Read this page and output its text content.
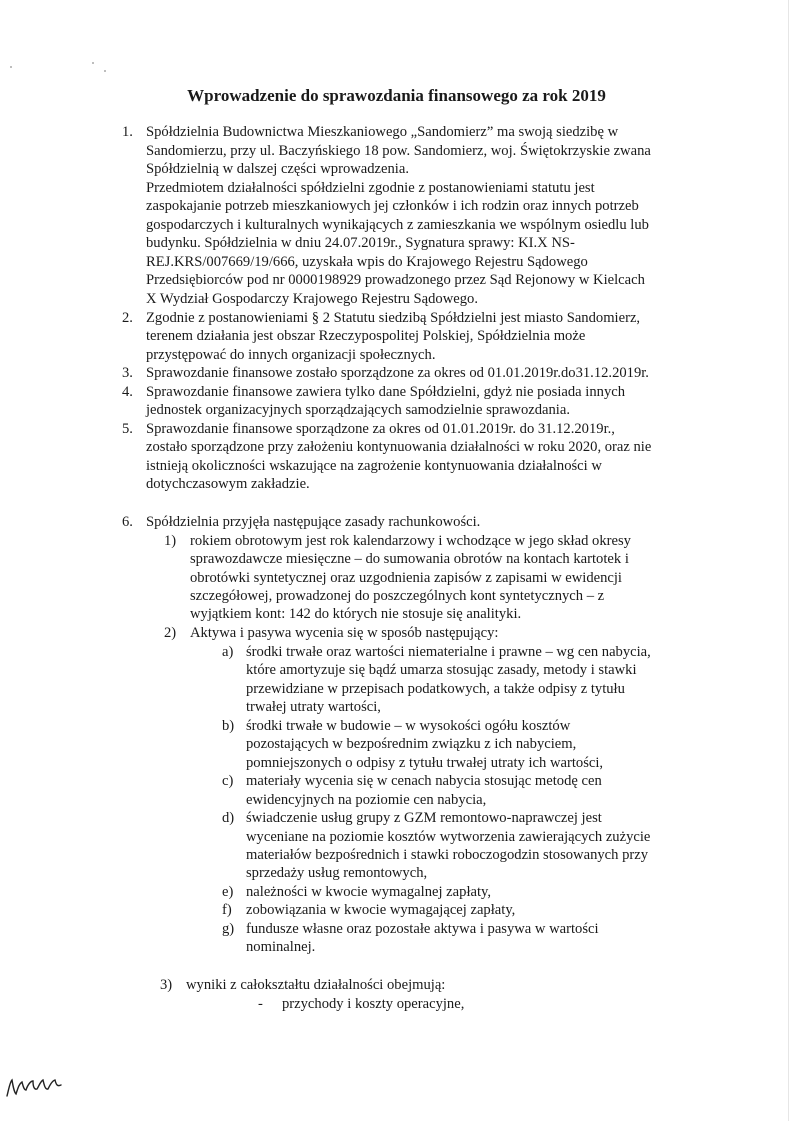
Wprowadzenie do sprawozdania finansowego za rok 2019
1. Spółdzielnia Budownictwa Mieszkaniowego „Sandomierz” ma swoją siedzibę w
Sandomierzu, przy ul. Baczyńskiego 18 pow. Sandomierz, woj. Świętokrzyskie zwana
Spółdzielnią w dalszej części wprowadzenia.
Przedmiotem działalności spółdzielni zgodnie z postanowieniami statutu jest
zaspokajanie potrzeb mieszkaniowych jej członków i ich rodzin oraz innych potrzeb
gospodarczych i kulturalnych wynikających z zamieszkania we wspólnym osiedlu lub
budynku. Spółdzielnia w dniu 24.07.2019r., Sygnatura sprawy: KI.X NS-
REJ.KRS/007669/19/666, uzyskała wpis do Krajowego Rejestru Sądowego
Przedsiębiorców pod nr 0000198929 prowadzonego przez Sąd Rejonowy w Kielcach
X Wydział Gospodarczy Krajowego Rejestru Sądowego.
2. Zgodnie z postanowieniami § 2 Statutu siedzibą Spółdzielni jest miasto Sandomierz,
terenem działania jest obszar Rzeczypospolitej Polskiej, Spółdzielnia może
przystępować do innych organizacji społecznych.
3. Sprawozdanie finansowe zostało sporządzone za okres od 01.01.2019r.do31.12.2019r.
4. Sprawozdanie finansowe zawiera tylko dane Spółdzielni, gdyż nie posiada innych
jednostek organizacyjnych sporządzających samodzielnie sprawozdania.
5. Sprawozdanie finansowe sporządzone za okres od 01.01.2019r. do 31.12.2019r.,
zostało sporządzone przy założeniu kontynuowania działalności w roku 2020, oraz nie
istnieją okoliczności wskazujące na zagrożenie kontynuowania działalności w
dotychczasowym zakładzie.
6. Spółdzielnia przyjęła następujące zasady rachunkowości.
1) rokiem obrotowym jest rok kalendarzowy i wchodzące w jego skład okresy
sprawozdawcze miesięczne – do sumowania obrotów na kontach kartotek i
obrotówki syntetycznej oraz uzgodnienia zapisów z zapisami w ewidencji
szczegółowej, prowadzonej do poszczególnych kont syntetycznych – z
wyjątkiem kont: 142 do których nie stosuje się analityki.
2) Aktywa i pasywa wycenia się w sposób następujący:
a) środki trwałe oraz wartości niematerialne i prawne – wg cen nabycia,
które amortyzuje się bądź umarza stosując zasady, metody i stawki
przewidziane w przepisach podatkowych, a także odpisy z tytułu
trwałej utraty wartości,
b) środki trwałe w budowie – w wysokości ogółu kosztów
pozostających w bezpośrednim związku z ich nabyciem,
pomniejszonych o odpisy z tytułu trwałej utraty ich wartości,
c) materiały wycenia się w cenach nabycia stosując metodę cen
ewidencyjnych na poziomie cen nabycia,
d) świadczenie usług grupy z GZM remontowo-naprawczej jest
wyceniane na poziomie kosztów wytworzenia zawierających zużycie
materiałów bezpośrednich i stawki roboczogodzin stosowanych przy
sprzedaży usług remontowych,
e) należności w kwocie wymagalnej zapłaty,
f) zobowiązania w kwocie wymagającej zapłaty,
g) fundusze własne oraz pozostałe aktywa i pasywa w wartości
nominalnej.
3) wyniki z całokształtu działalności obejmują:
- przychody i koszty operacyjne,
